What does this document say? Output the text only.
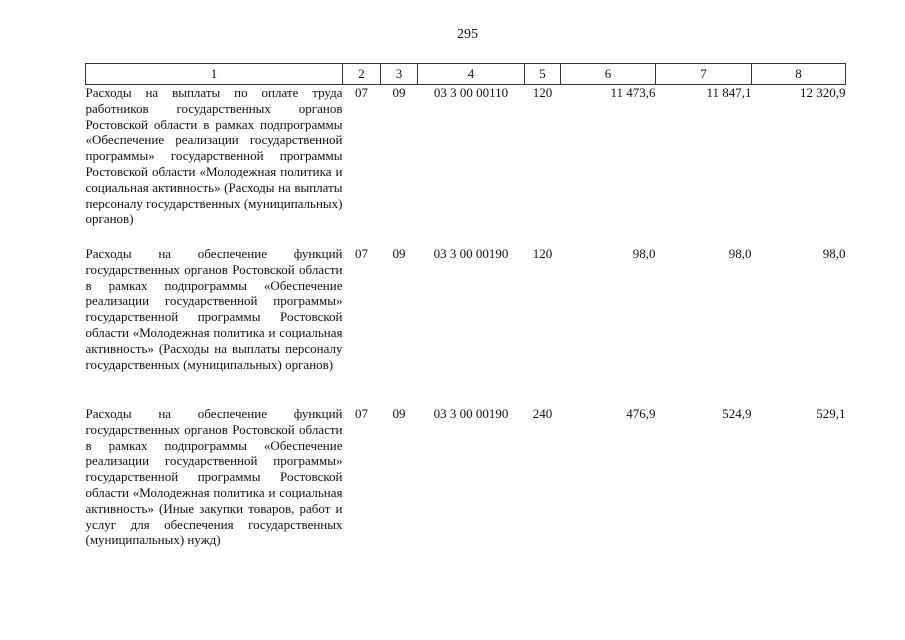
295
1	2	3	4	5	6	7	8
Расходы на выплаты по оплате труда работников государственных органов Ростовской области в рамках подпрограммы «Обеспечение реализации государственной программы» государственной программы Ростовской области «Молодежная политика и социальная активность» (Расходы на выплаты персоналу государственных (муниципальных) органов)	07	09	03 3 00 00110	120	11 473,6	11 847,1	12 320,9
Расходы на обеспечение функций государственных органов Ростовской области в рамках подпрограммы «Обеспечение реализации государственной программы» государственной программы Ростовской области «Молодежная политика и социальная активность» (Расходы на выплаты персоналу государственных (муниципальных) органов)	07	09	03 3 00 00190	120	98,0	98,0	98,0
Расходы на обеспечение функций государственных органов Ростовской области в рамках подпрограммы «Обеспечение реализации государственной программы» государственной программы Ростовской области «Молодежная политика и социальная активность» (Иные закупки товаров, работ и услуг для обеспечения государственных (муниципальных) нужд)	07	09	03 3 00 00190	240	476,9	524,9	529,1
